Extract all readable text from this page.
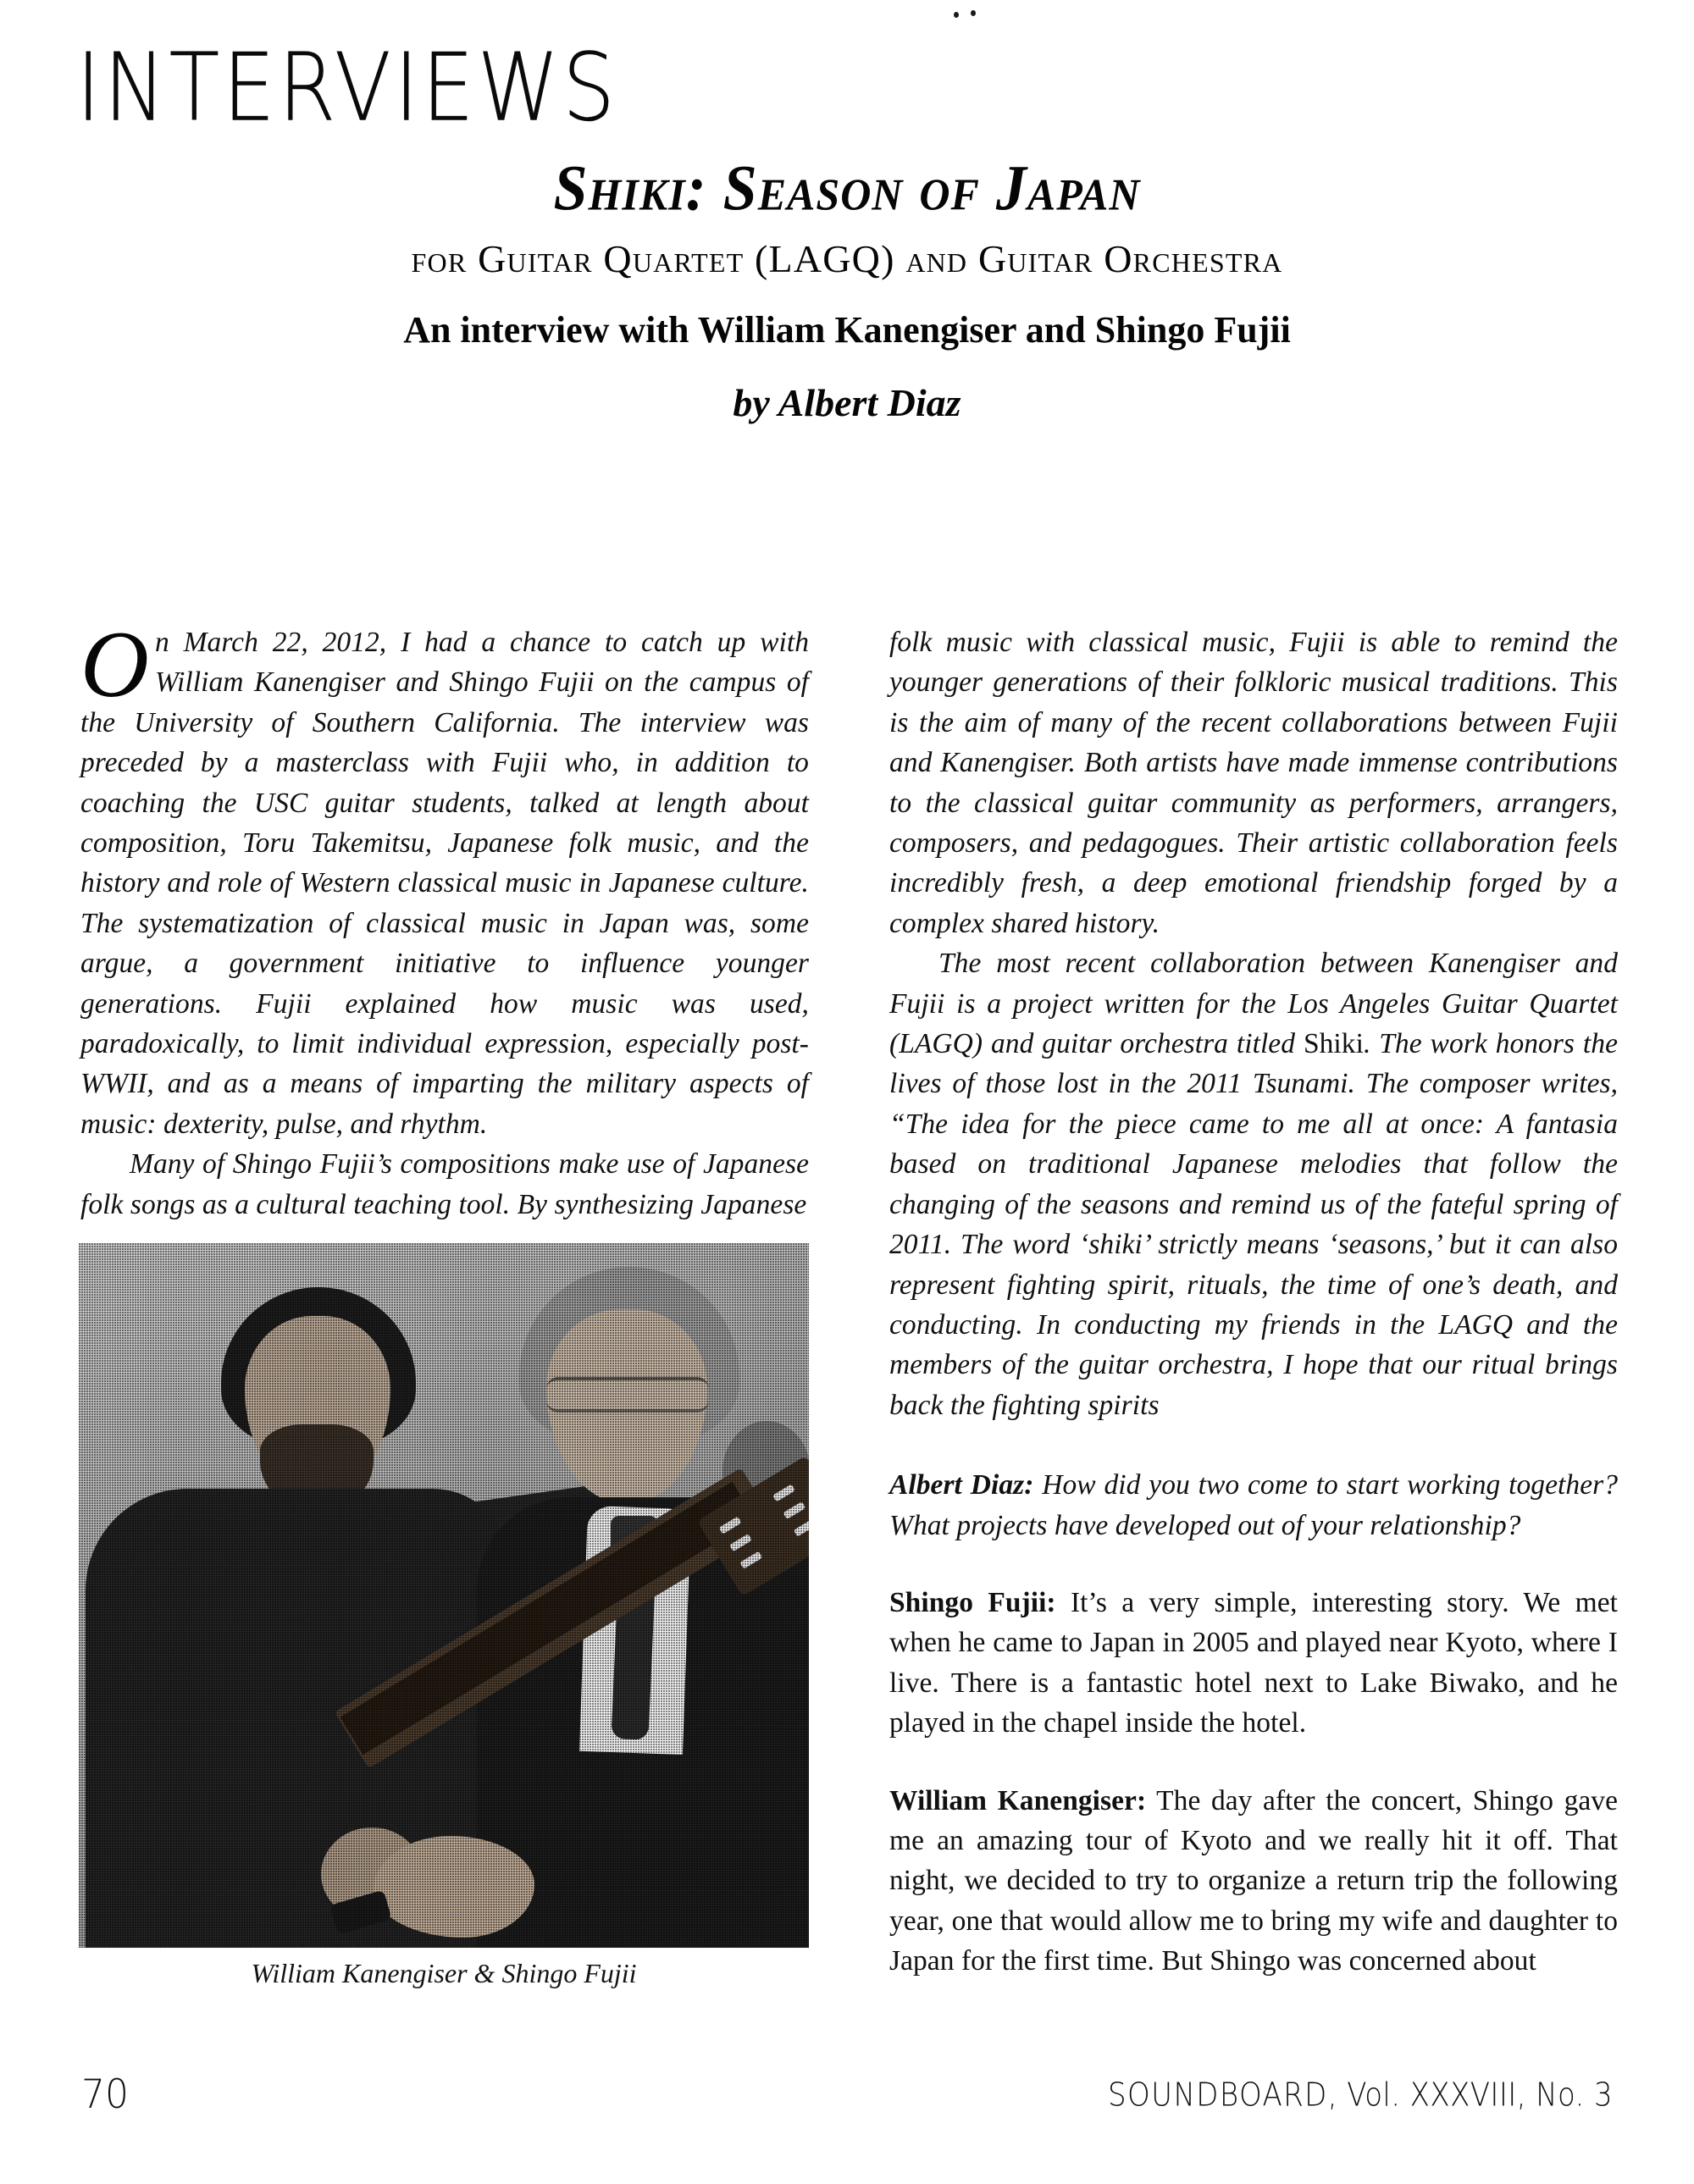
INTERVIEWS
Shiki: Season of Japan
for Guitar Quartet (LAGQ) and Guitar Orchestra
An interview with William Kanengiser and Shingo Fujii
by Albert Diaz

On March 22, 2012, I had a chance to catch up with William Kanengiser and Shingo Fujii on the campus of the University of Southern California. The interview was preceded by a masterclass with Fujii who, in addition to coaching the USC guitar students, talked at length about composition, Toru Takemitsu, Japanese folk music, and the history and role of Western classical music in Japanese culture. The systematization of classical music in Japan was, some argue, a government initiative to influence younger generations. Fujii explained how music was used, paradoxically, to limit individual expression, especially post-WWII, and as a means of imparting the military aspects of music: dexterity, pulse, and rhythm.

Many of Shingo Fujii’s compositions make use of Japanese folk songs as a cultural teaching tool. By synthesizing Japanese

folk music with classical music, Fujii is able to remind the younger generations of their folkloric musical traditions. This is the aim of many of the recent collaborations between Fujii and Kanengiser. Both artists have made immense contributions to the classical guitar community as performers, arrangers, composers, and pedagogues. Their artistic collaboration feels incredibly fresh, a deep emotional friendship forged by a complex shared history.

The most recent collaboration between Kanengiser and Fujii is a project written for the Los Angeles Guitar Quartet (LAGQ) and guitar orchestra titled Shiki. The work honors the lives of those lost in the 2011 Tsunami. The composer writes, “The idea for the piece came to me all at once: A fantasia based on traditional Japanese melodies that follow the changing of the seasons and remind us of the fateful spring of 2011. The word ‘shiki’ strictly means ‘seasons,’ but it can also represent fighting spirit, rituals, the time of one’s death, and conducting. In conducting my friends in the LAGQ and the members of the guitar orchestra, I hope that our ritual brings back the fighting spirits

Albert Diaz: How did you two come to start working together? What projects have developed out of your relationship?

Shingo Fujii: It’s a very simple, interesting story. We met when he came to Japan in 2005 and played near Kyoto, where I live. There is a fantastic hotel next to Lake Biwako, and he played in the chapel inside the hotel.

William Kanengiser: The day after the concert, Shingo gave me an amazing tour of Kyoto and we really hit it off. That night, we decided to try to organize a return trip the following year, one that would allow me to bring my wife and daughter to Japan for the first time. But Shingo was concerned about

William Kanengiser & Shingo Fujii
70	SOUNDBOARD, Vol. XXXVIII, No. 3
